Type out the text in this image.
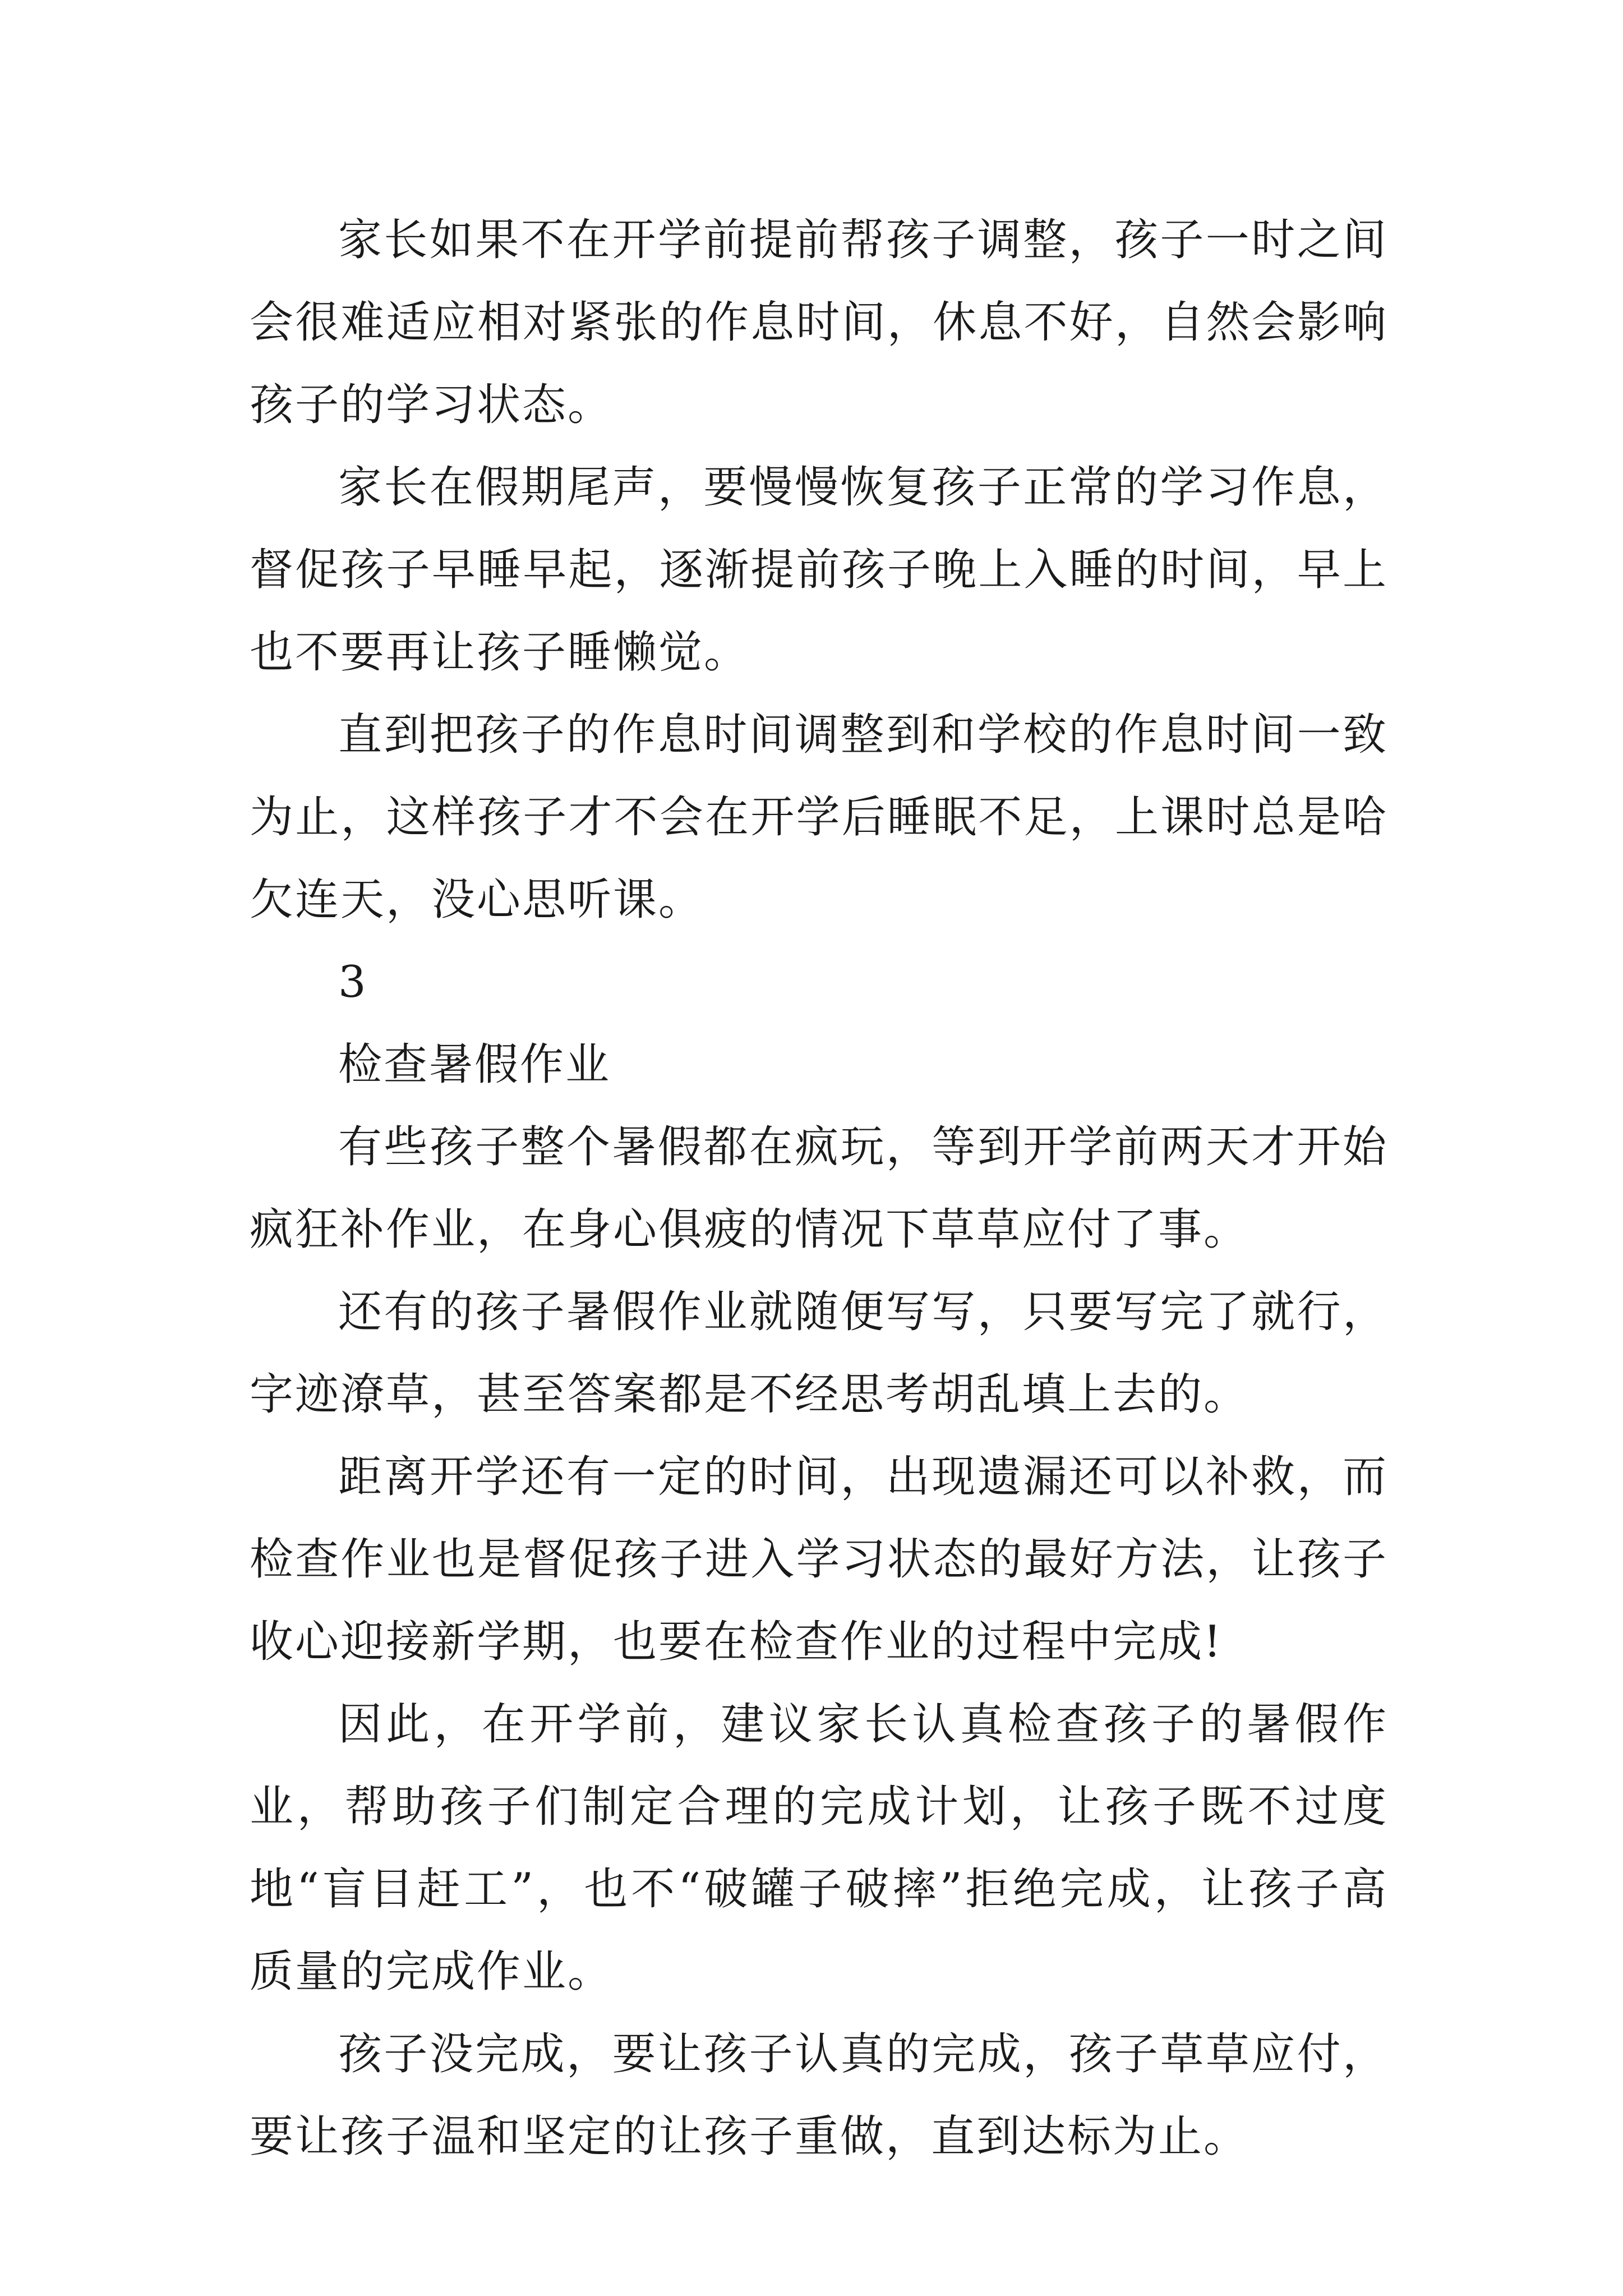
家长如果不在开学前提前帮孩子调整，孩子一时之间会很难适应相对紧张的作息时间，休息不好，自然会影响孩子的学习状态。

家长在假期尾声，要慢慢恢复孩子正常的学习作息，督促孩子早睡早起，逐渐提前孩子晚上入睡的时间，早上也不要再让孩子睡懒觉。

直到把孩子的作息时间调整到和学校的作息时间一致为止，这样孩子才不会在开学后睡眠不足，上课时总是哈欠连天，没心思听课。

3

检查暑假作业

有些孩子整个暑假都在疯玩，等到开学前两天才开始疯狂补作业，在身心俱疲的情况下草草应付了事。

还有的孩子暑假作业就随便写写，只要写完了就行，字迹潦草，甚至答案都是不经思考胡乱填上去的。

距离开学还有一定的时间，出现遗漏还可以补救，而检查作业也是督促孩子进入学习状态的最好方法，让孩子收心迎接新学期，也要在检查作业的过程中完成!

因此，在开学前，建议家长认真检查孩子的暑假作业，帮助孩子们制定合理的完成计划，让孩子既不过度地“盲目赶工”，也不“破罐子破摔”拒绝完成，让孩子高质量的完成作业。

孩子没完成，要让孩子认真的完成，孩子草草应付，要让孩子温和坚定的让孩子重做，直到达标为止。
